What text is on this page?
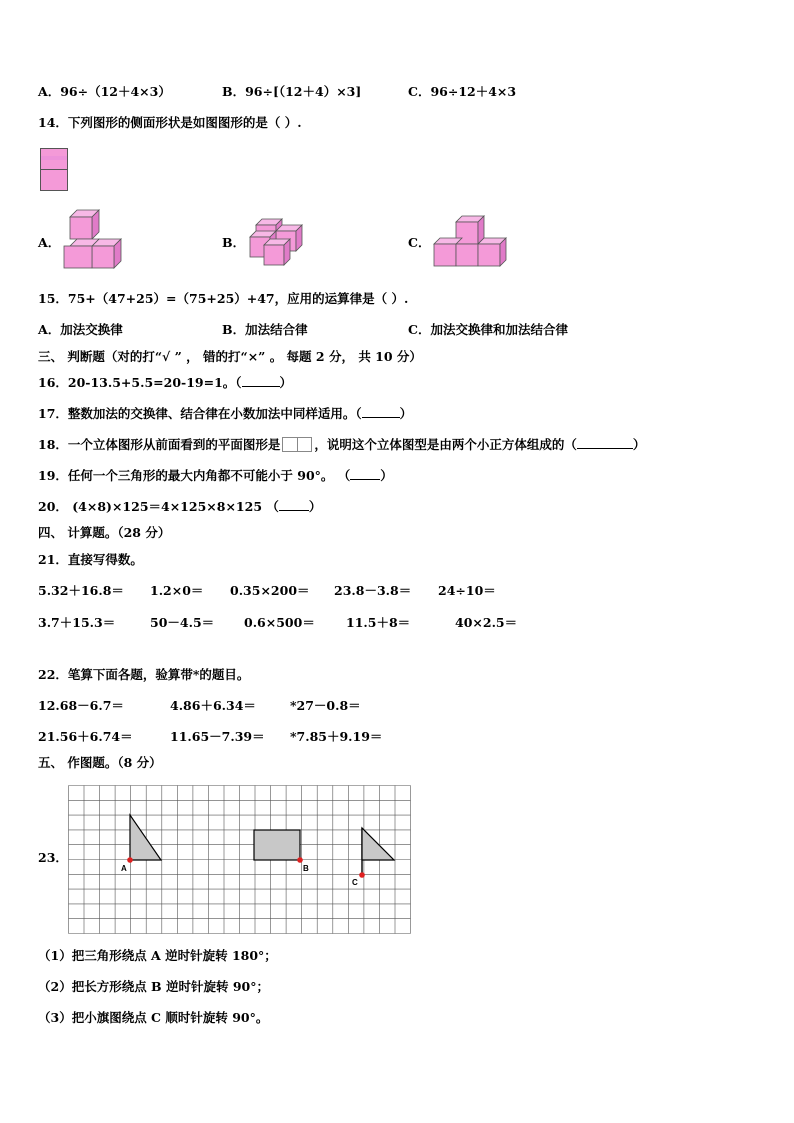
A．96÷（12＋4×3）	B．96÷[（12＋4）×3]	C．96÷12＋4×3
14．下列图形的侧面形状是如图图形的是（ ）.
A．	B．	C．
15．75+（47+25）=（75+25）+47，应用的运算律是（ ）.
A．加法交换律	B．加法结合律	C．加法交换律和加法结合律
三、 判断题（对的打“√ ” ， 错的打“×” 。 每题 2 分， 共 10 分）
16．20-13.5+5.5=20-19=1。（	）
17．整数加法的交换律、结合律在小数加法中同样适用。（	）
18．一个立体图形从前面看到的平面图形是	，说明这个立体图型是由两个小正方体组成的（	）
19．任何一个三角形的最大内角都不可能小于 90°。 （ ）
20． (4×8)×125＝4×125×8×125 （ ）
四、 计算题。（28 分）
21．直接写得数。
5.32＋16.8＝ 1.2×0＝ 0.35×200＝ 23.8－3.8＝ 24÷10＝
3.7＋15.3＝	50－4.5＝ 0.6×500＝ 11.5＋8＝	40×2.5＝
22．笔算下面各题，验算带*的题目。
12.68－6.7＝	4.86＋6.34＝	*27－0.8＝
21.56＋6.74＝	11.65－7.39＝ *7.85＋9.19＝
五、 作图题。（8 分）
23．
A	B
C
（1）把三角形绕点 A 逆时针旋转 180°；
（2）把长方形绕点 B 逆时针旋转 90°；
（3）把小旗图绕点 C 顺时针旋转 90°。
